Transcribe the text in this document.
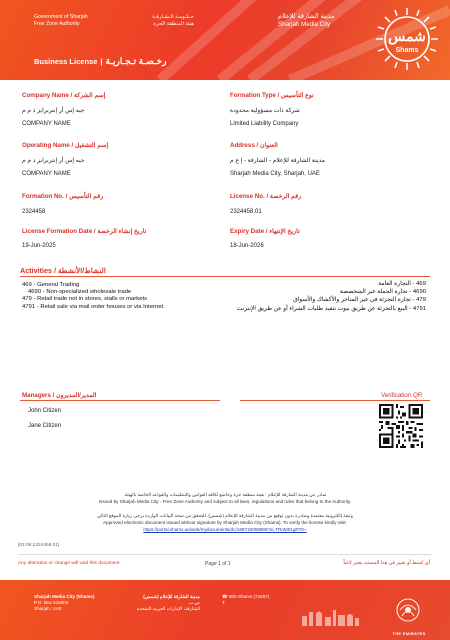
Government of Sharjah	حـكـومـة الـشـارقـة
Free Zone Authority	هيئة المنطقة الحرة
مدينة الشارقة للإعلام
Sharjah Media City
شمس
Shams
Business License | رخـصـة تـجـاريـة
Company Name / إسم الشركة
جيه إس أر إنتربرايز ذ م م
COMPANY NAME
Formation Type / نوع التأسيس
شركة ذات مسؤولية محدودة
Limited Liability Company
Operating Name / إسم التشغيل
جيه إس أر إنتربرايز ذ م م
COMPANY NAME
Address / العنوان
مدينة الشارقة للإعلام - الشارقة - إ ع م
Sharjah Media City, Sharjah, UAE
Formation No. / رقم التأسيس
2324458
License No. / رقم الرخصة
2324458.01
License Formation Date / تاريخ إنشاء الرخصة
19-Jun-2025
Expiry Date / تاريخ الإنتهاء
18-Jun-2026
Activities / النشاط/الأنشطة
469 - General Trading
4690 - Non-specialized wholesale trade
479 - Retail trade not in stores, stalls or markets
4791 - Retail sale via mail order houses or via Internet.
469 - التجارة العامة
4690 - تجارة الجملة غير المتخصصة
479 - تجارة التجزئة في غير المتاجر والأكشاك والأسواق
4791 - البيع بالتجزئة عن طريق بيوت تنفيذ طلبات الشراء أو عن طريق الإنترنت
Managers / المدير/المديرون
John Citizen
Jane Citizen
Verification QR
صادر عن مدينة الشارقة للإعلام - هيئة منطقة حرة وخاضع لكافة القوانين والتنظيمات والقواعد الخاصة بالهيئة.
Issued by Sharjah Media City - Free Zone Authority and subject to all laws, regulations and rules that belong to the Authority.
وثيقة إلكترونية معتمدة وصادرة بدون توقيع من مدينة الشارقة للإعلام (شمس). للتحقق من صحة البيانات الواردة يرجى زيارة الموقع التالي
Approved electronic document issued without signature by Sharjah Media City (Shams). To verify the license kindly visit:
https://portal.shams.ae/web/mydocuments/dc/168715068996?d=TRnM01gRT0=
[02.08.2324458.01]
Any alteration or change will void this document.	Page 1 of 1	أي كشط أو تغيير في هذا المستند يعتبر لاغياً.
Sharjah Media City (Shams)
P.O. Box 515000
Sharjah, UAE
مدينة الشارقة للإعلام (شمس)
ص.ب
الشارقة، الإمارات العربية المتحدة
☎ 800 Shams (74267)
T
THE EMIRATES
